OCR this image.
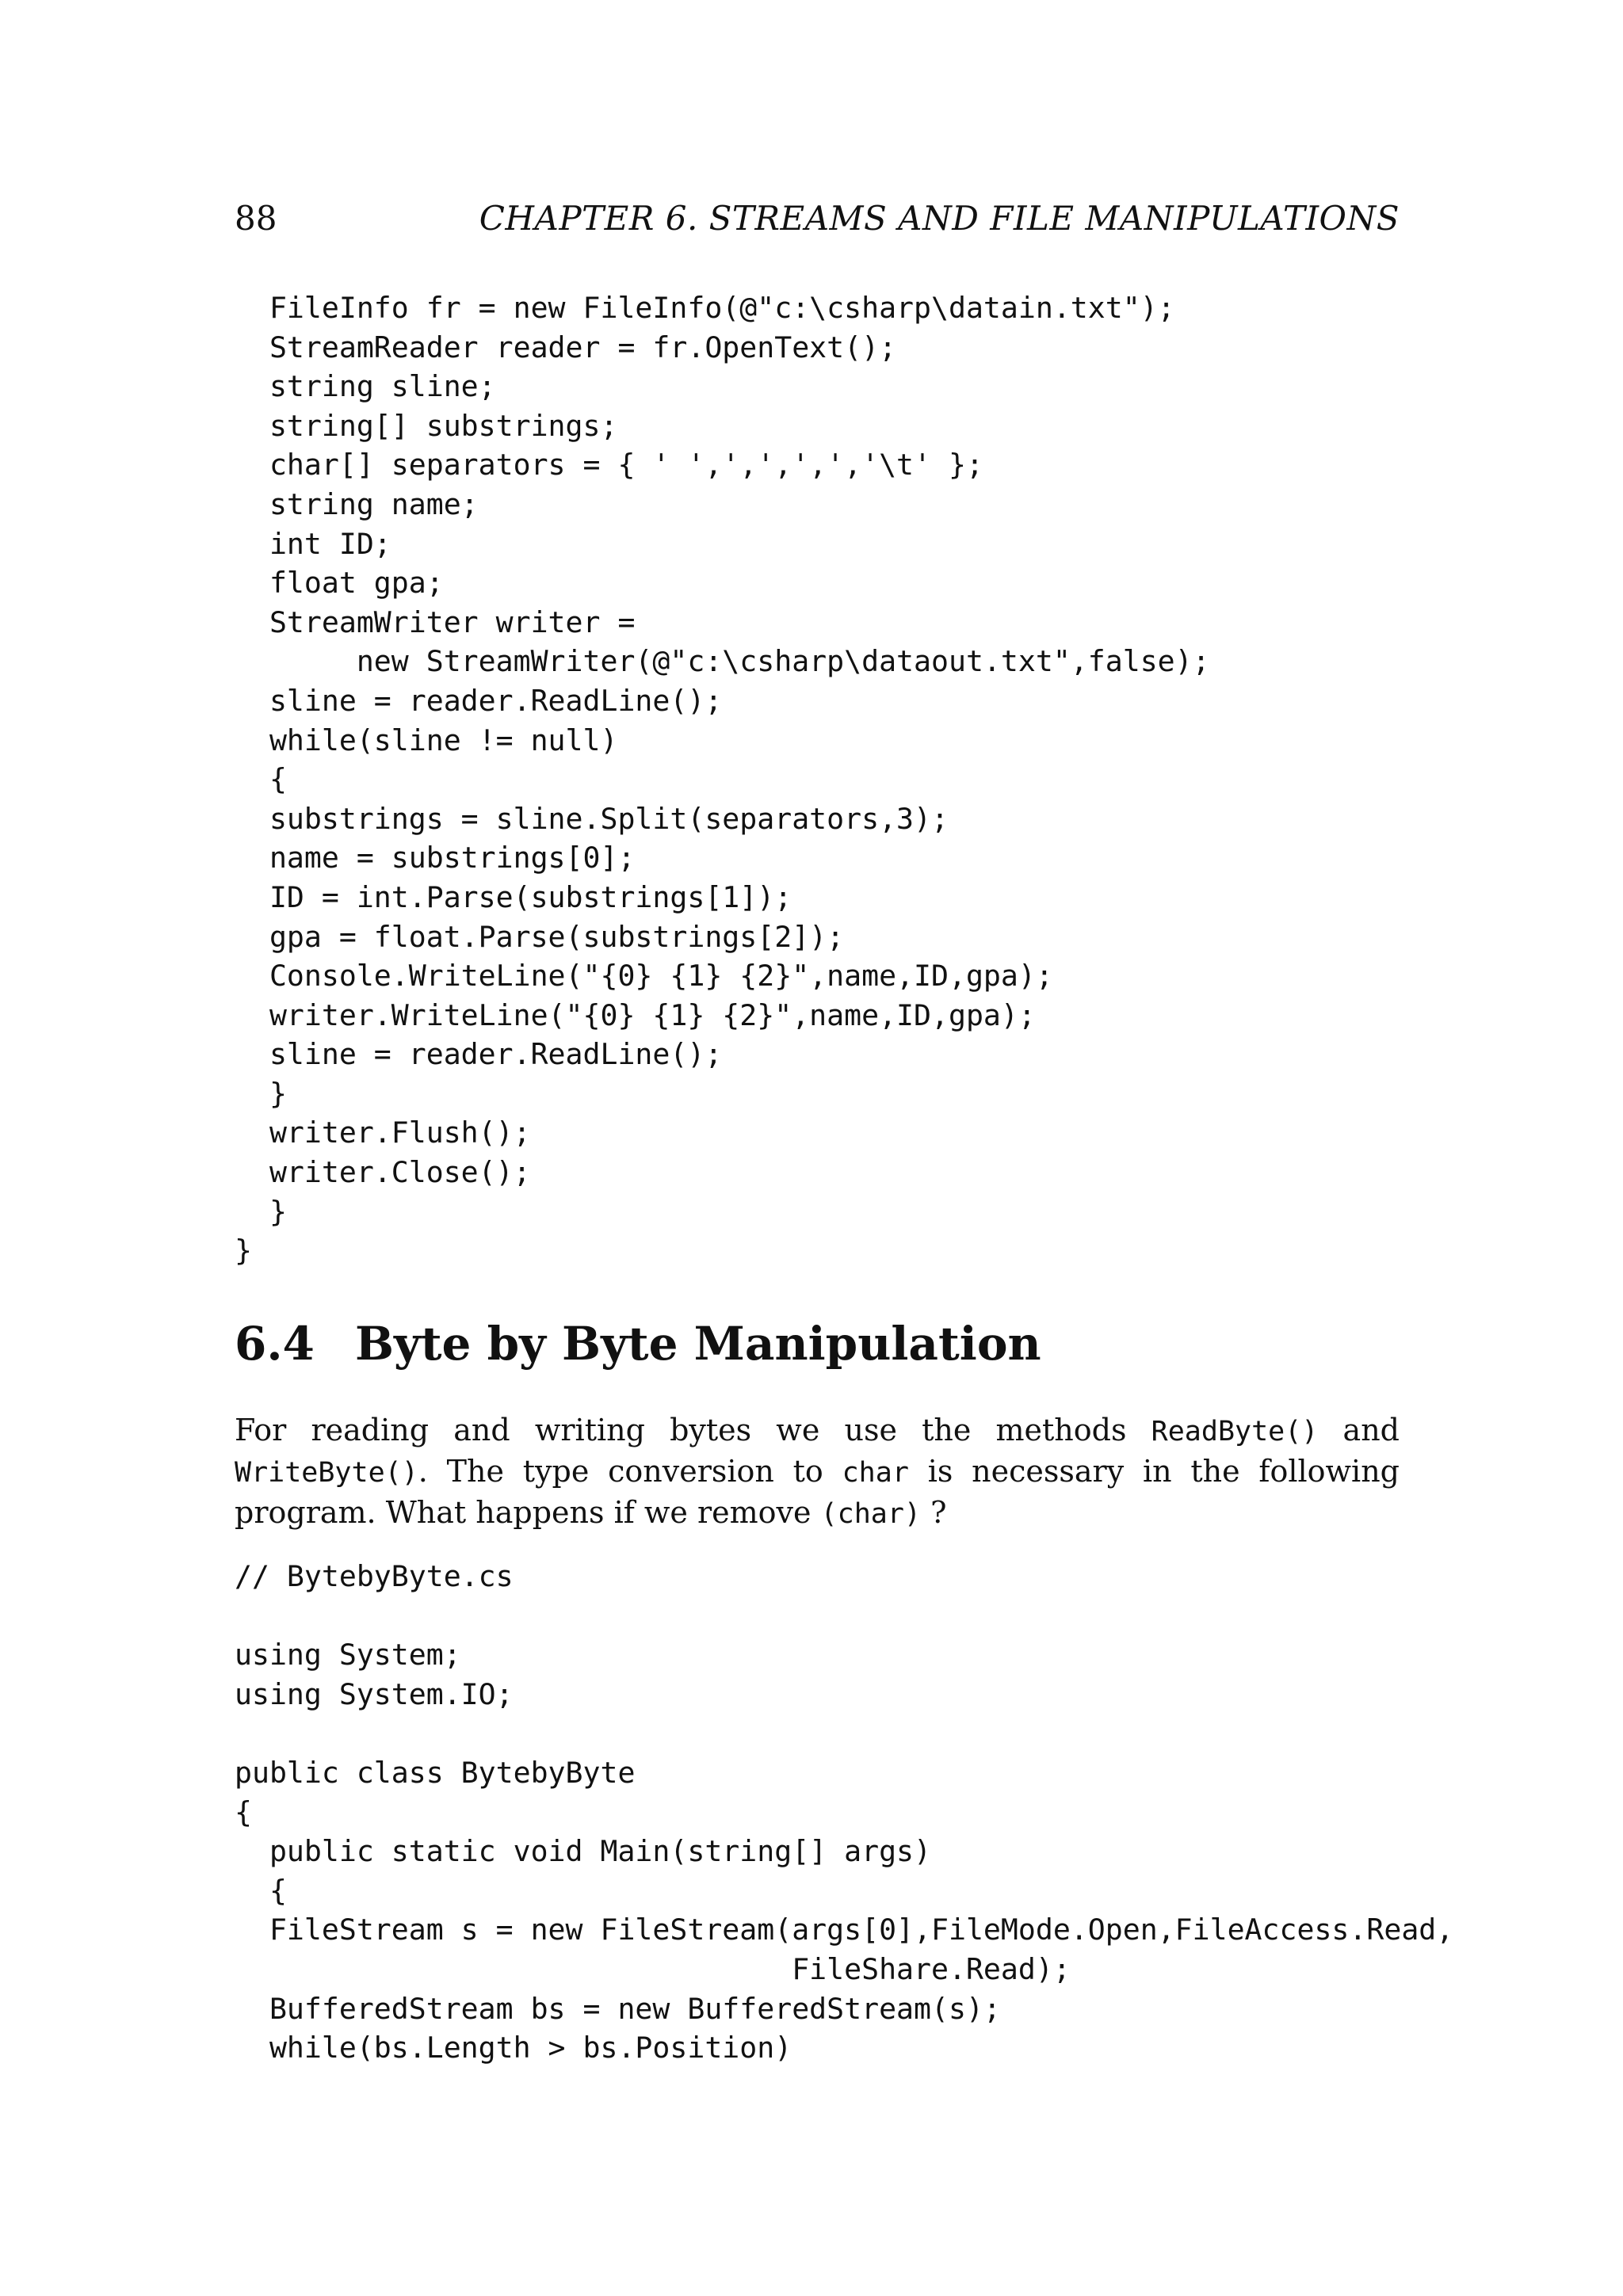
88	CHAPTER 6. STREAMS AND FILE MANIPULATIONS
FileInfo fr = new FileInfo(@"c:\csharp\datain.txt");
StreamReader reader = fr.OpenText();
string sline;
string[] substrings;
char[] separators = { ' ',',',',','\t' };
string name;
int ID;
float gpa;
StreamWriter writer =
new StreamWriter(@"c:\csharp\dataout.txt",false);
sline = reader.ReadLine();
while(sline != null)
{
substrings = sline.Split(separators,3);
name = substrings[0];
ID = int.Parse(substrings[1]);
gpa = float.Parse(substrings[2]);
Console.WriteLine("{0} {1} {2}",name,ID,gpa);
writer.WriteLine("{0} {1} {2}",name,ID,gpa);
sline = reader.ReadLine();
}
writer.Flush();
writer.Close();
}
}
6.4 Byte by Byte Manipulation
For reading and writing bytes we use the methods ReadByte() and WriteByte(). The type conversion to char is necessary in the following program. What happens if we remove (char) ?
// BytebyByte.cs
using System;
using System.IO;
public class BytebyByte
{
public static void Main(string[] args)
{
FileStream s = new FileStream(args[0],FileMode.Open,FileAccess.Read,
FileShare.Read);
BufferedStream bs = new BufferedStream(s);
while(bs.Length > bs.Position)
